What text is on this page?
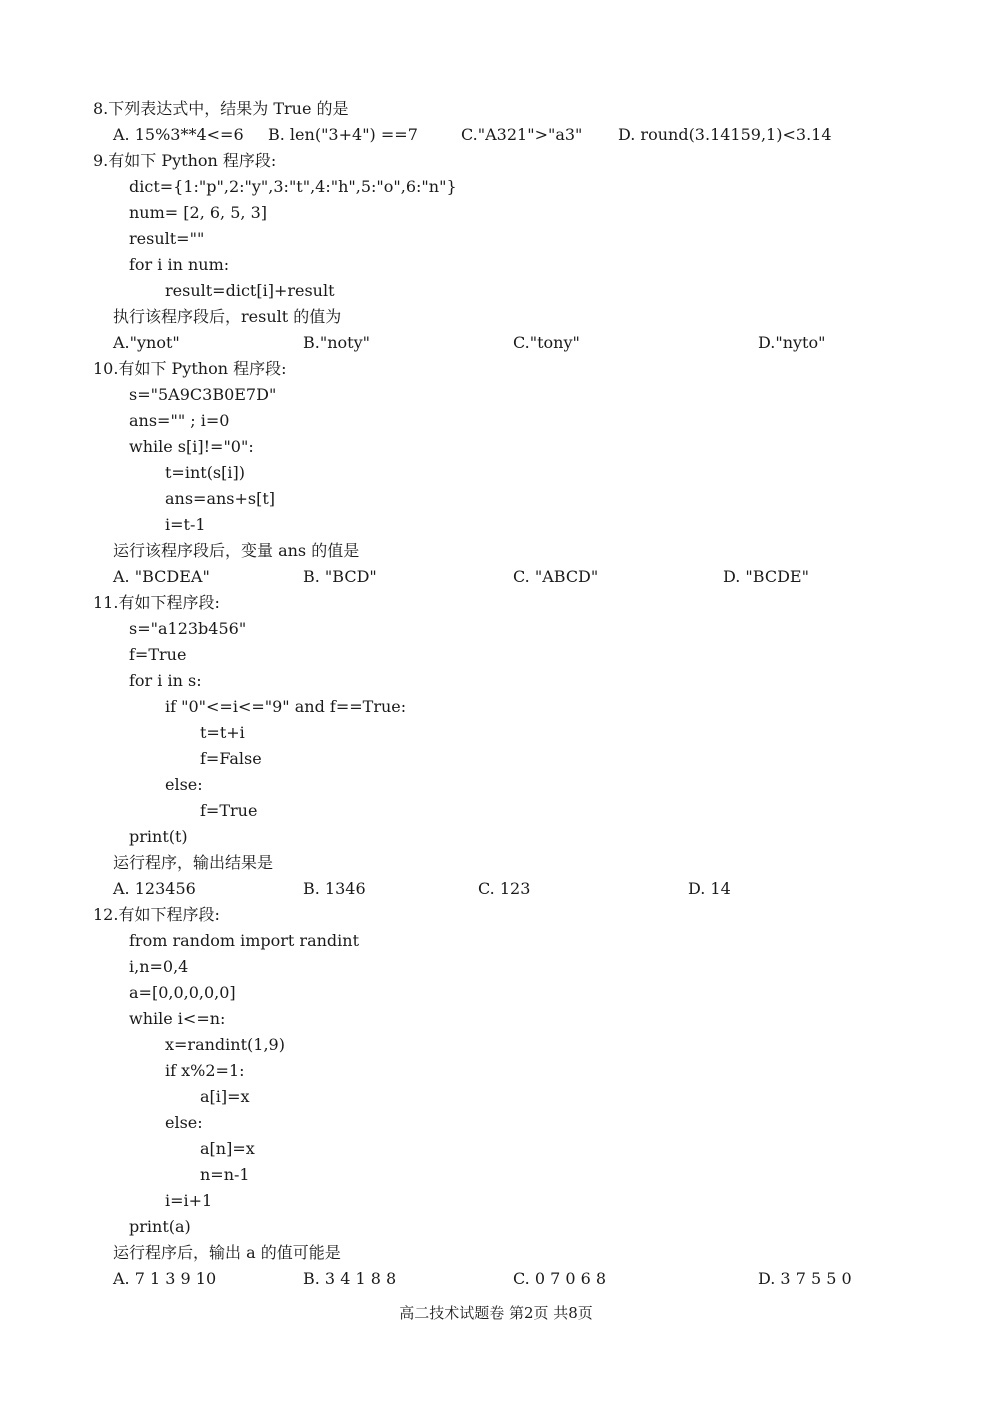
8.下列表达式中，结果为 True 的是
A. 15%3**4<=6 B. len("3+4") ==7	C."A321">"a3" D. round(3.14159,1)<3.14
9.有如下 Python 程序段:
dict={1:"p",2:"y",3:"t",4:"h",5:"o",6:"n"}
num= [2, 6, 5, 3]
result=""
for i in num:
result=dict[i]+result
执行该程序段后，result 的值为
A."ynot"	B."noty"	C."tony"	D."nyto"
10.有如下 Python 程序段:
s="5A9C3B0E7D"
ans="" ; i=0
while s[i]!="0":
t=int(s[i])
ans=ans+s[t]
i=t-1
运行该程序段后，变量 ans 的值是
A. "BCDEA"	B. "BCD"	C. "ABCD"	D. "BCDE"
11.有如下程序段:
s="a123b456"
f=True
for i in s:
if "0"<=i<="9" and f==True:
t=t+i
f=False
else:
f=True
print(t)
运行程序，输出结果是
A. 123456	B. 1346	C. 123	D. 14
12.有如下程序段:
from random import randint
i,n=0,4
a=[0,0,0,0,0]
while i<=n:
x=randint(1,9)
if x%2=1:
a[i]=x
else:
a[n]=x
n=n-1
i=i+1
print(a)
运行程序后，输出 a 的值可能是
A. 7 1 3 9 10	B. 3 4 1 8 8	C. 0 7 0 6 8	D. 3 7 5 5 0
高二技术试题卷 第2页 共8页
